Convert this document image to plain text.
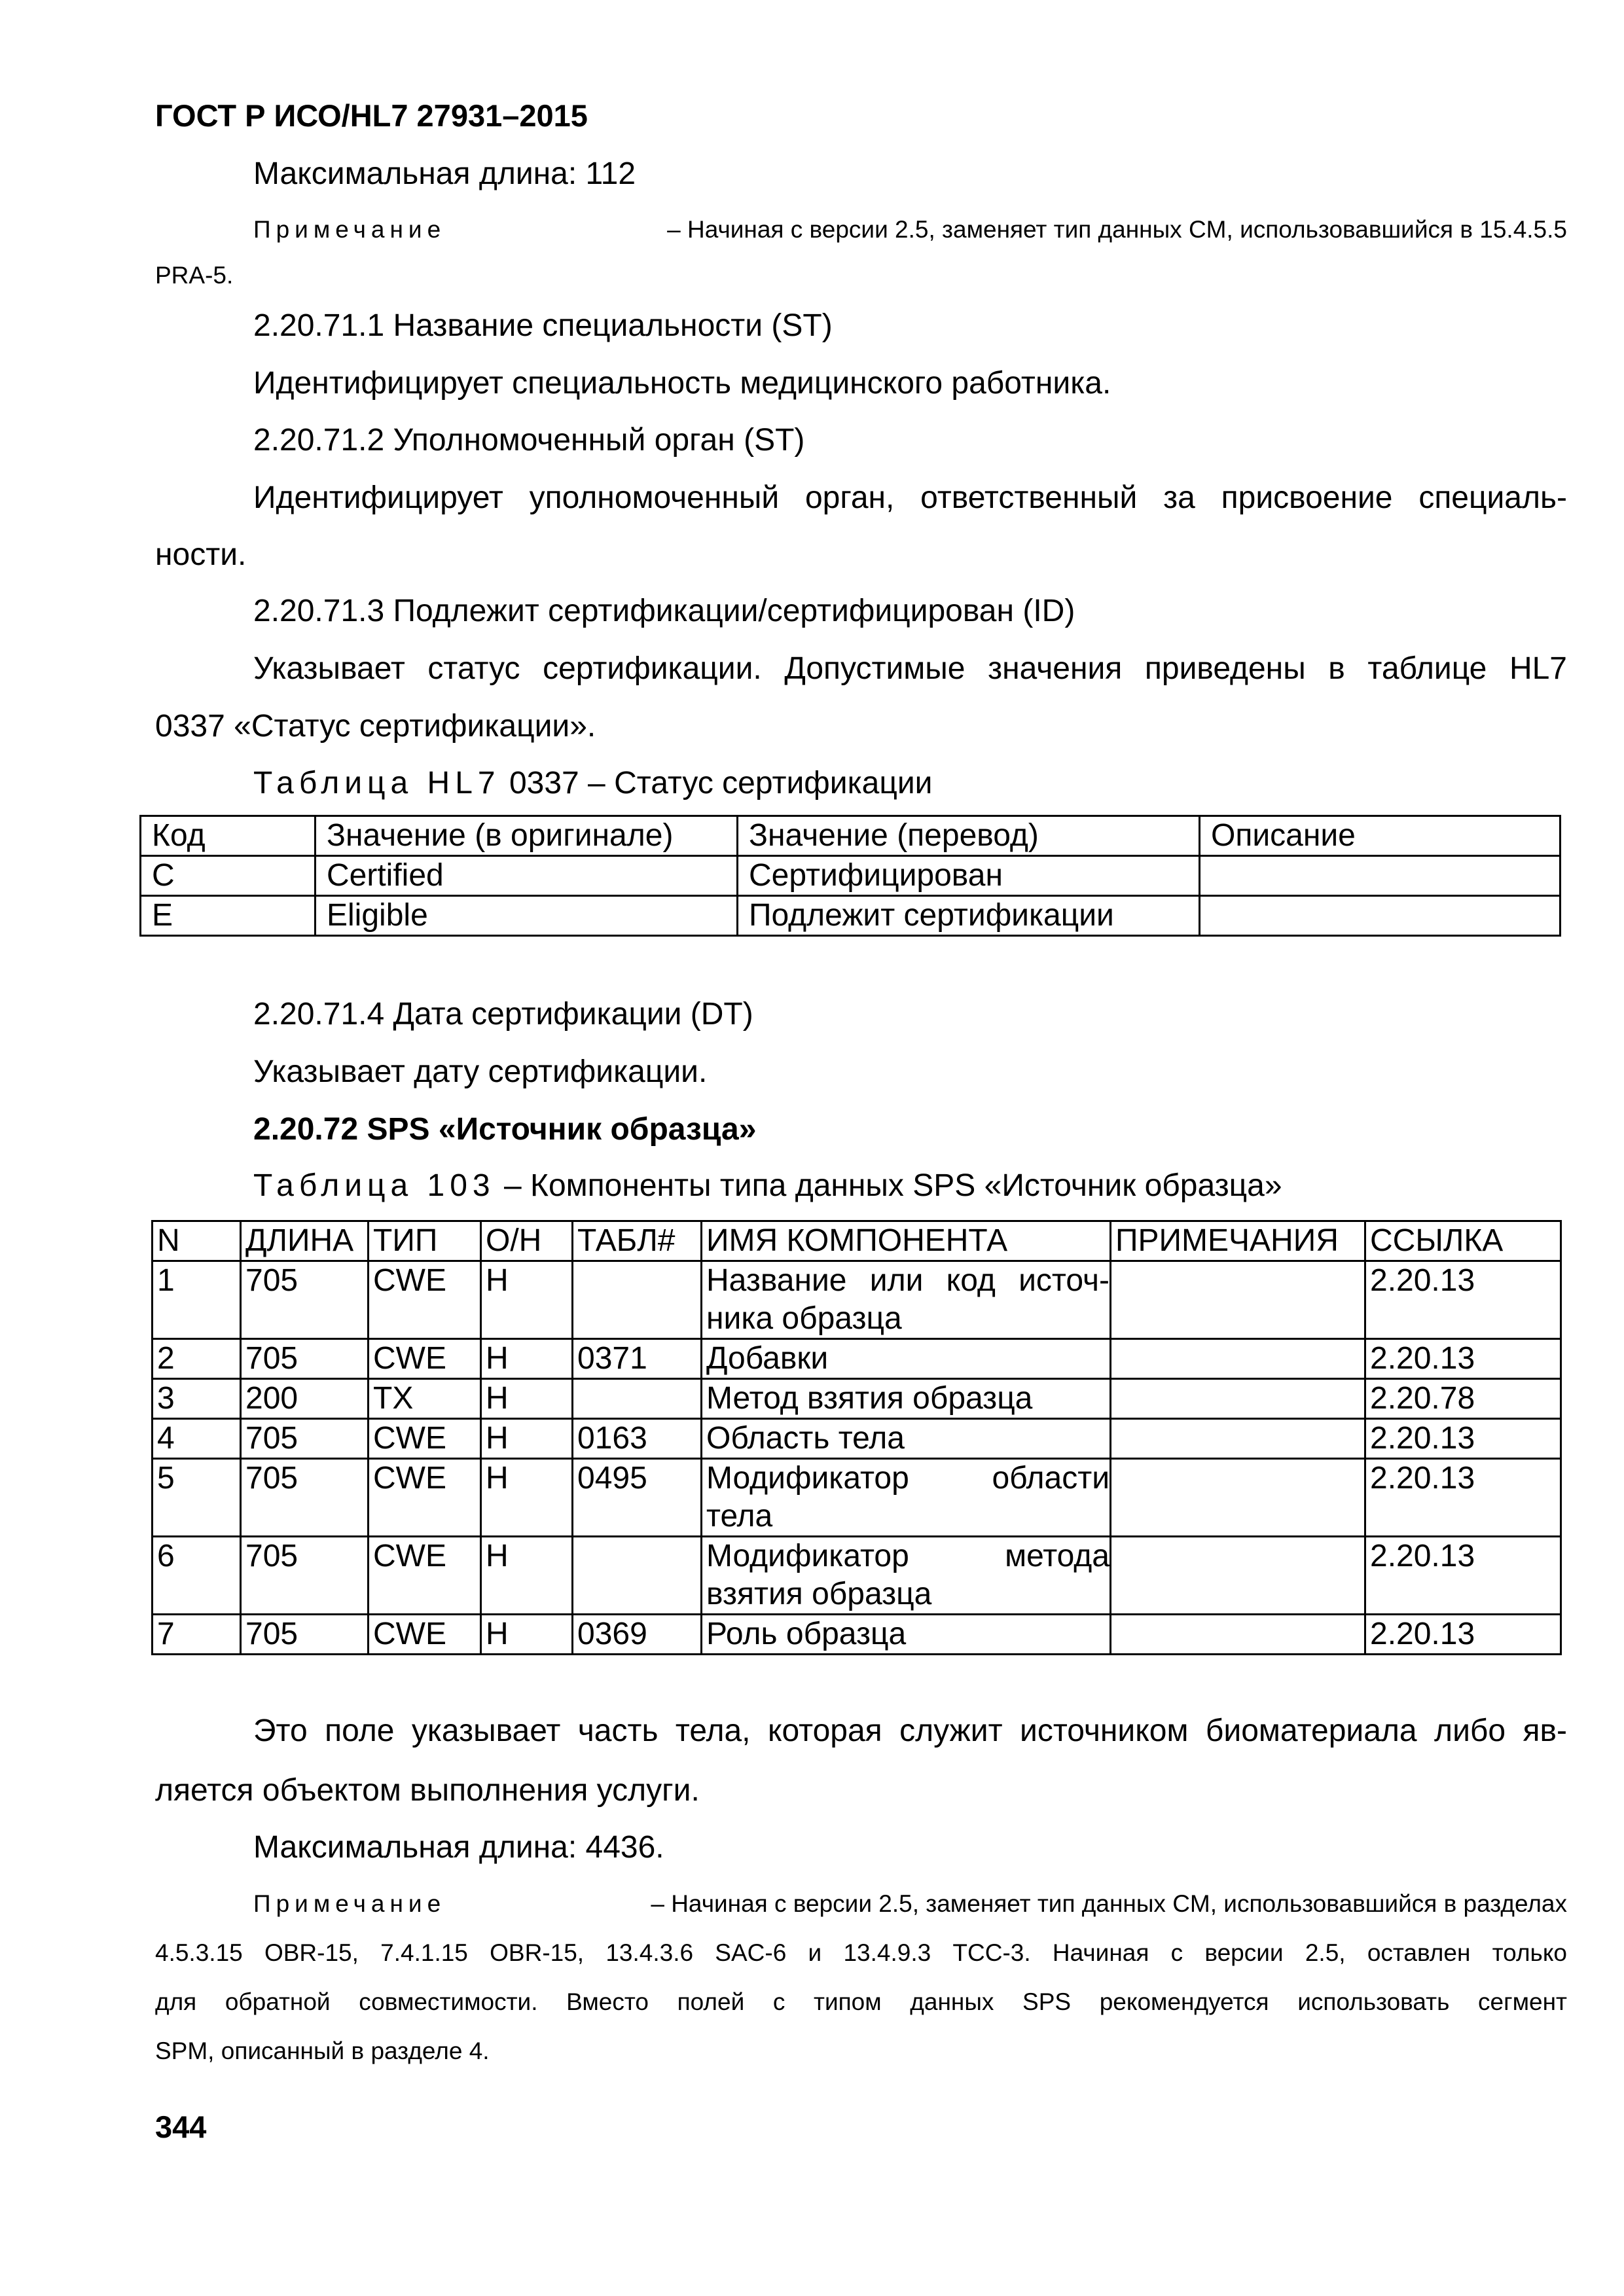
ГОСТ Р ИСО/HL7 27931–2015
Максимальная длина: 112
Примечание	– Начиная с версии 2.5, заменяет тип данных CM, использовавшийся в 15.4.5.5
PRA-5.
2.20.71.1 Название специальности (ST)
Идентифицирует специальность медицинского работника.
2.20.71.2 Уполномоченный орган (ST)
Идентифицирует уполномоченный орган, ответственный за присвоение специаль-
ности.
2.20.71.3 Подлежит сертификации/сертифицирован (ID)
Указывает статус сертификации. Допустимые значения приведены в таблице HL7
0337 «Статус сертификации».
Таблица HL7 0337 – Статус сертификации
Код	Значение (в оригинале)	Значение (перевод)	Описание
C	Certified	Сертифицирован	
E	Eligible	Подлежит сертификации	
2.20.71.4 Дата сертификации (DT)
Указывает дату сертификации.
2.20.72 SPS «Источник образца»
Таблица 103 – Компоненты типа данных SPS «Источник образца»
N	ДЛИНА	ТИП	О/Н	ТАБЛ#	ИМЯ КОМПОНЕНТА	ПРИМЕЧАНИЯ	ССЫЛКА
1	705	CWE	Н		Название или код источ- ника образца		2.20.13
2	705	CWE	Н	0371	Добавки		2.20.13
3	200	TX	Н		Метод взятия образца		2.20.78
4	705	CWE	Н	0163	Область тела		2.20.13
5	705	CWE	Н	0495	Модификатор области тела		2.20.13
6	705	CWE	Н		Модификатор метода взятия образца		2.20.13
7	705	CWE	Н	0369	Роль образца		2.20.13
Это поле указывает часть тела, которая служит источником биоматериала либо яв-
ляется объектом выполнения услуги.
Максимальная длина: 4436.
Примечание	– Начиная с версии 2.5, заменяет тип данных CM, использовавшийся в разделах
4.5.3.15 OBR-15, 7.4.1.15 OBR-15, 13.4.3.6 SAC-6 и 13.4.9.3 TCC-3. Начиная с версии 2.5, оставлен только
для обратной совместимости. Вместо полей с типом данных SPS рекомендуется использовать сегмент
SPM, описанный в разделе 4.
344
